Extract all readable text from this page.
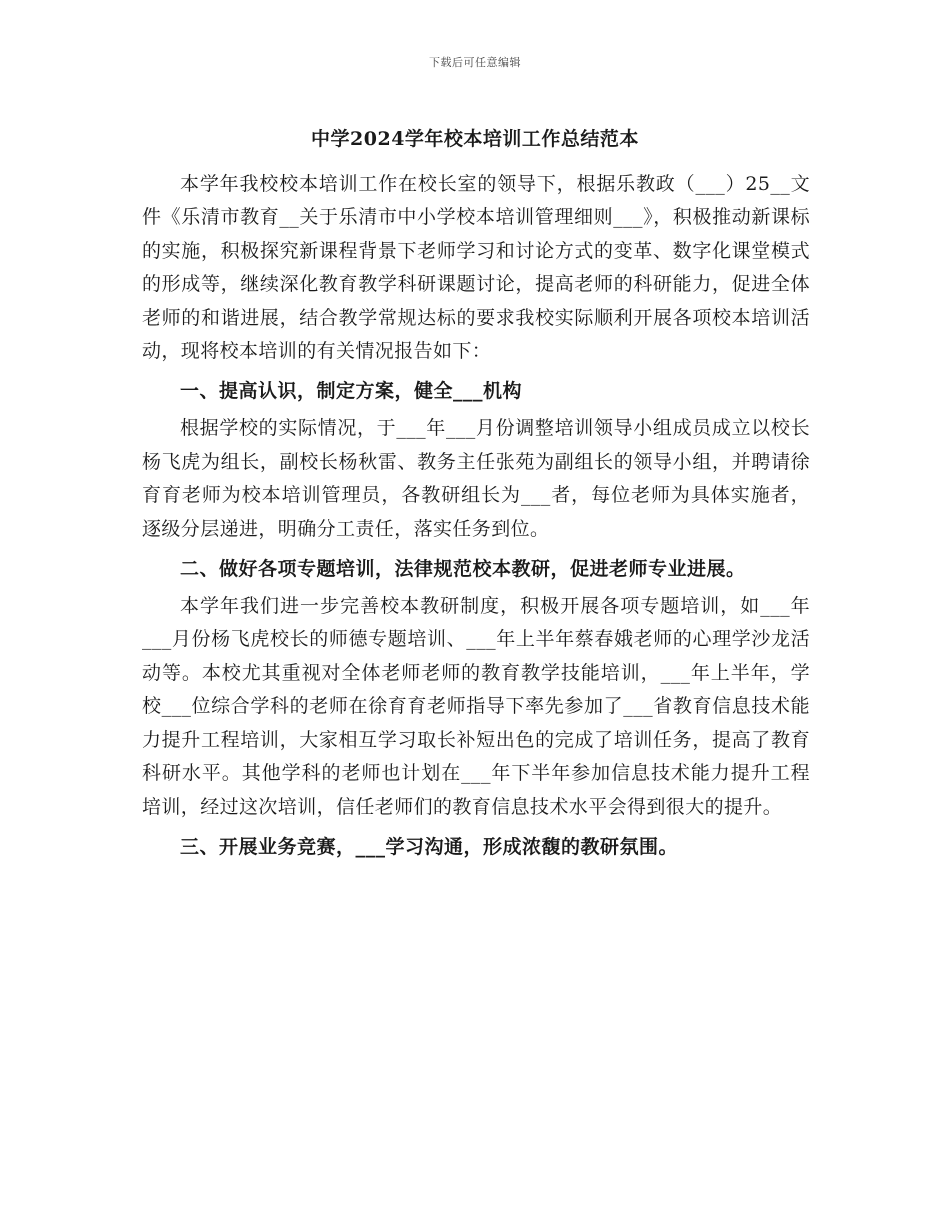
下载后可任意编辑
中学2024学年校本培训工作总结范本

本学年我校校本培训工作在校长室的领导下，根据乐教政（___）25__文件《乐清市教育__关于乐清市中小学校本培训管理细则___》，积极推动新课标的实施，积极探究新课程背景下老师学习和讨论方式的变革、数字化课堂模式的形成等，继续深化教育教学科研课题讨论，提高老师的科研能力，促进全体老师的和谐进展，结合教学常规达标的要求我校实际顺利开展各项校本培训活动，现将校本培训的有关情况报告如下：

一、提高认识，制定方案，健全___机构

根据学校的实际情况，于___年___月份调整培训领导小组成员成立以校长杨飞虎为组长，副校长杨秋雷、教务主任张苑为副组长的领导小组，并聘请徐育育老师为校本培训管理员，各教研组长为___者，每位老师为具体实施者，逐级分层递进，明确分工责任，落实任务到位。

二、做好各项专题培训，法律规范校本教研，促进老师专业进展。

本学年我们进一步完善校本教研制度，积极开展各项专题培训，如___年___月份杨飞虎校长的师德专题培训、___年上半年蔡春娥老师的心理学沙龙活动等。本校尤其重视对全体老师老师的教育教学技能培训，___年上半年，学校___位综合学科的老师在徐育育老师指导下率先参加了___省教育信息技术能力提升工程培训，大家相互学习取长补短出色的完成了培训任务，提高了教育科研水平。其他学科的老师也计划在___年下半年参加信息技术能力提升工程培训，经过这次培训，信任老师们的教育信息技术水平会得到很大的提升。

三、开展业务竞赛，___学习沟通，形成浓馥的教研氛围。
